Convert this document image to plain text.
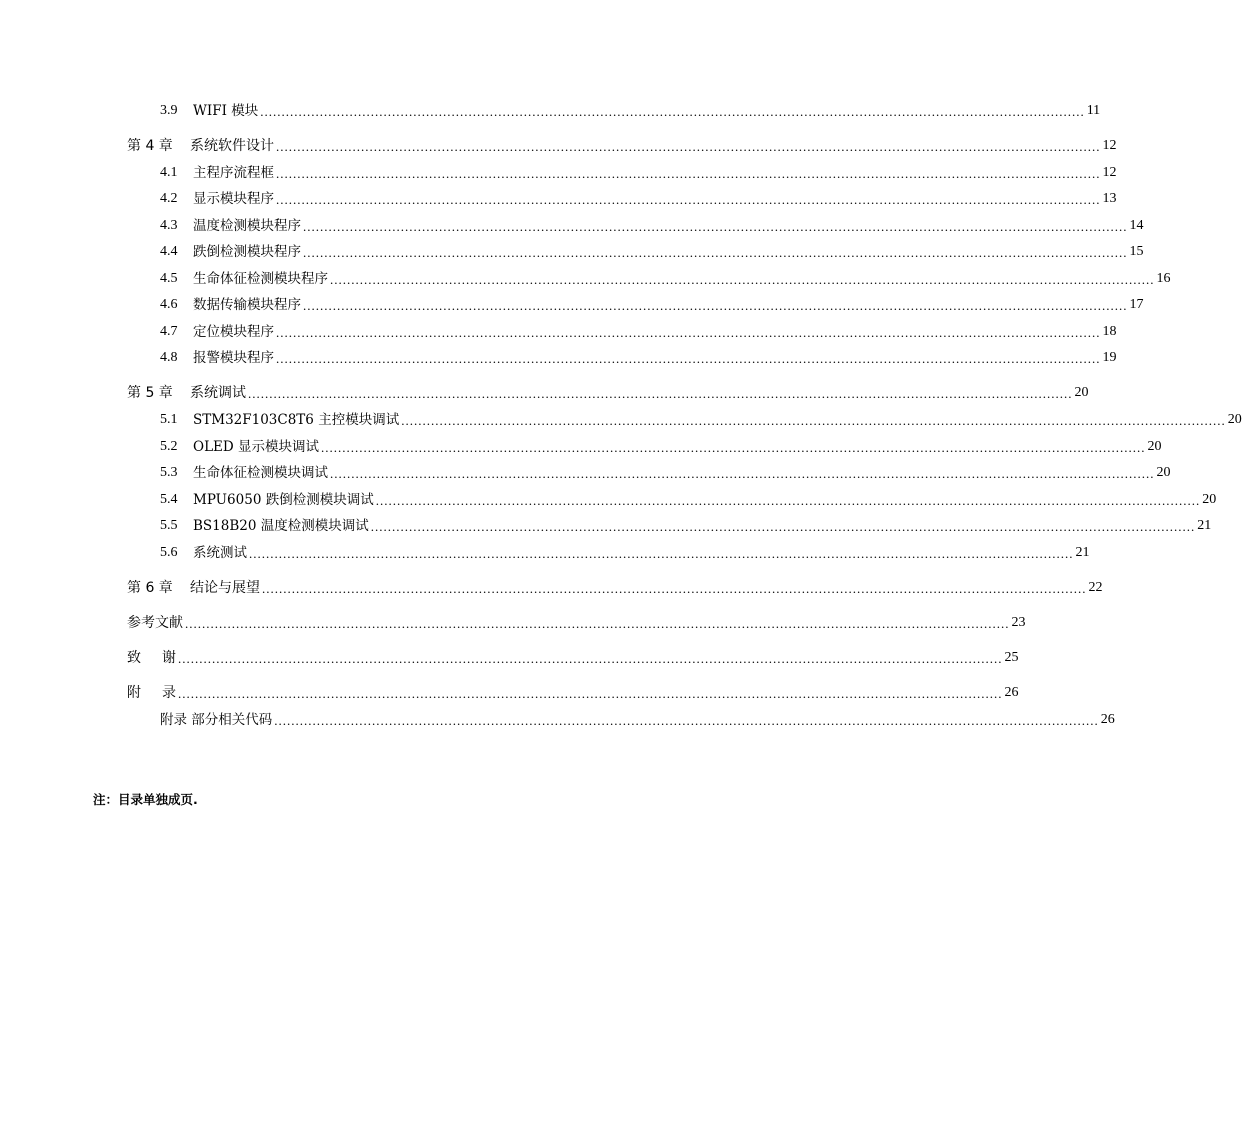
3.9	WIFI 模块 .................................................................................................................................................................................................. 11
第 4 章	系统软件设计 .................................................................................................................................................................................................. 12
4.1	主程序流程框 .................................................................................................................................................................................................. 12
4.2	显示模块程序 .................................................................................................................................................................................................. 13
4.3	温度检测模块程序 .................................................................................................................................................................................................. 14
4.4	跌倒检测模块程序 .................................................................................................................................................................................................. 15
4.5	生命体征检测模块程序 .................................................................................................................................................................................................. 16
4.6	数据传输模块程序 .................................................................................................................................................................................................. 17
4.7	定位模块程序 .................................................................................................................................................................................................. 18
4.8	报警模块程序 .................................................................................................................................................................................................. 19
第 5 章	系统调试 .................................................................................................................................................................................................. 20
5.1	STM32F103C8T6 主控模块调试 .................................................................................................................................................................................................. 20
5.2	OLED 显示模块调试 .................................................................................................................................................................................................. 20
5.3	生命体征检测模块调试 .................................................................................................................................................................................................. 20
5.4	MPU6050 跌倒检测模块调试 .................................................................................................................................................................................................. 20
5.5	BS18B20 温度检测模块调试 .................................................................................................................................................................................................. 21
5.6	系统测试 .................................................................................................................................................................................................. 21
第 6 章	结论与展望 .................................................................................................................................................................................................. 22
参考文献 .................................................................................................................................................................................................. 23
致 谢 .................................................................................................................................................................................................. 25
附 录 .................................................................................................................................................................................................. 26
附录 部分相关代码 .................................................................................................................................................................................................. 26
注：目录单独成页.
